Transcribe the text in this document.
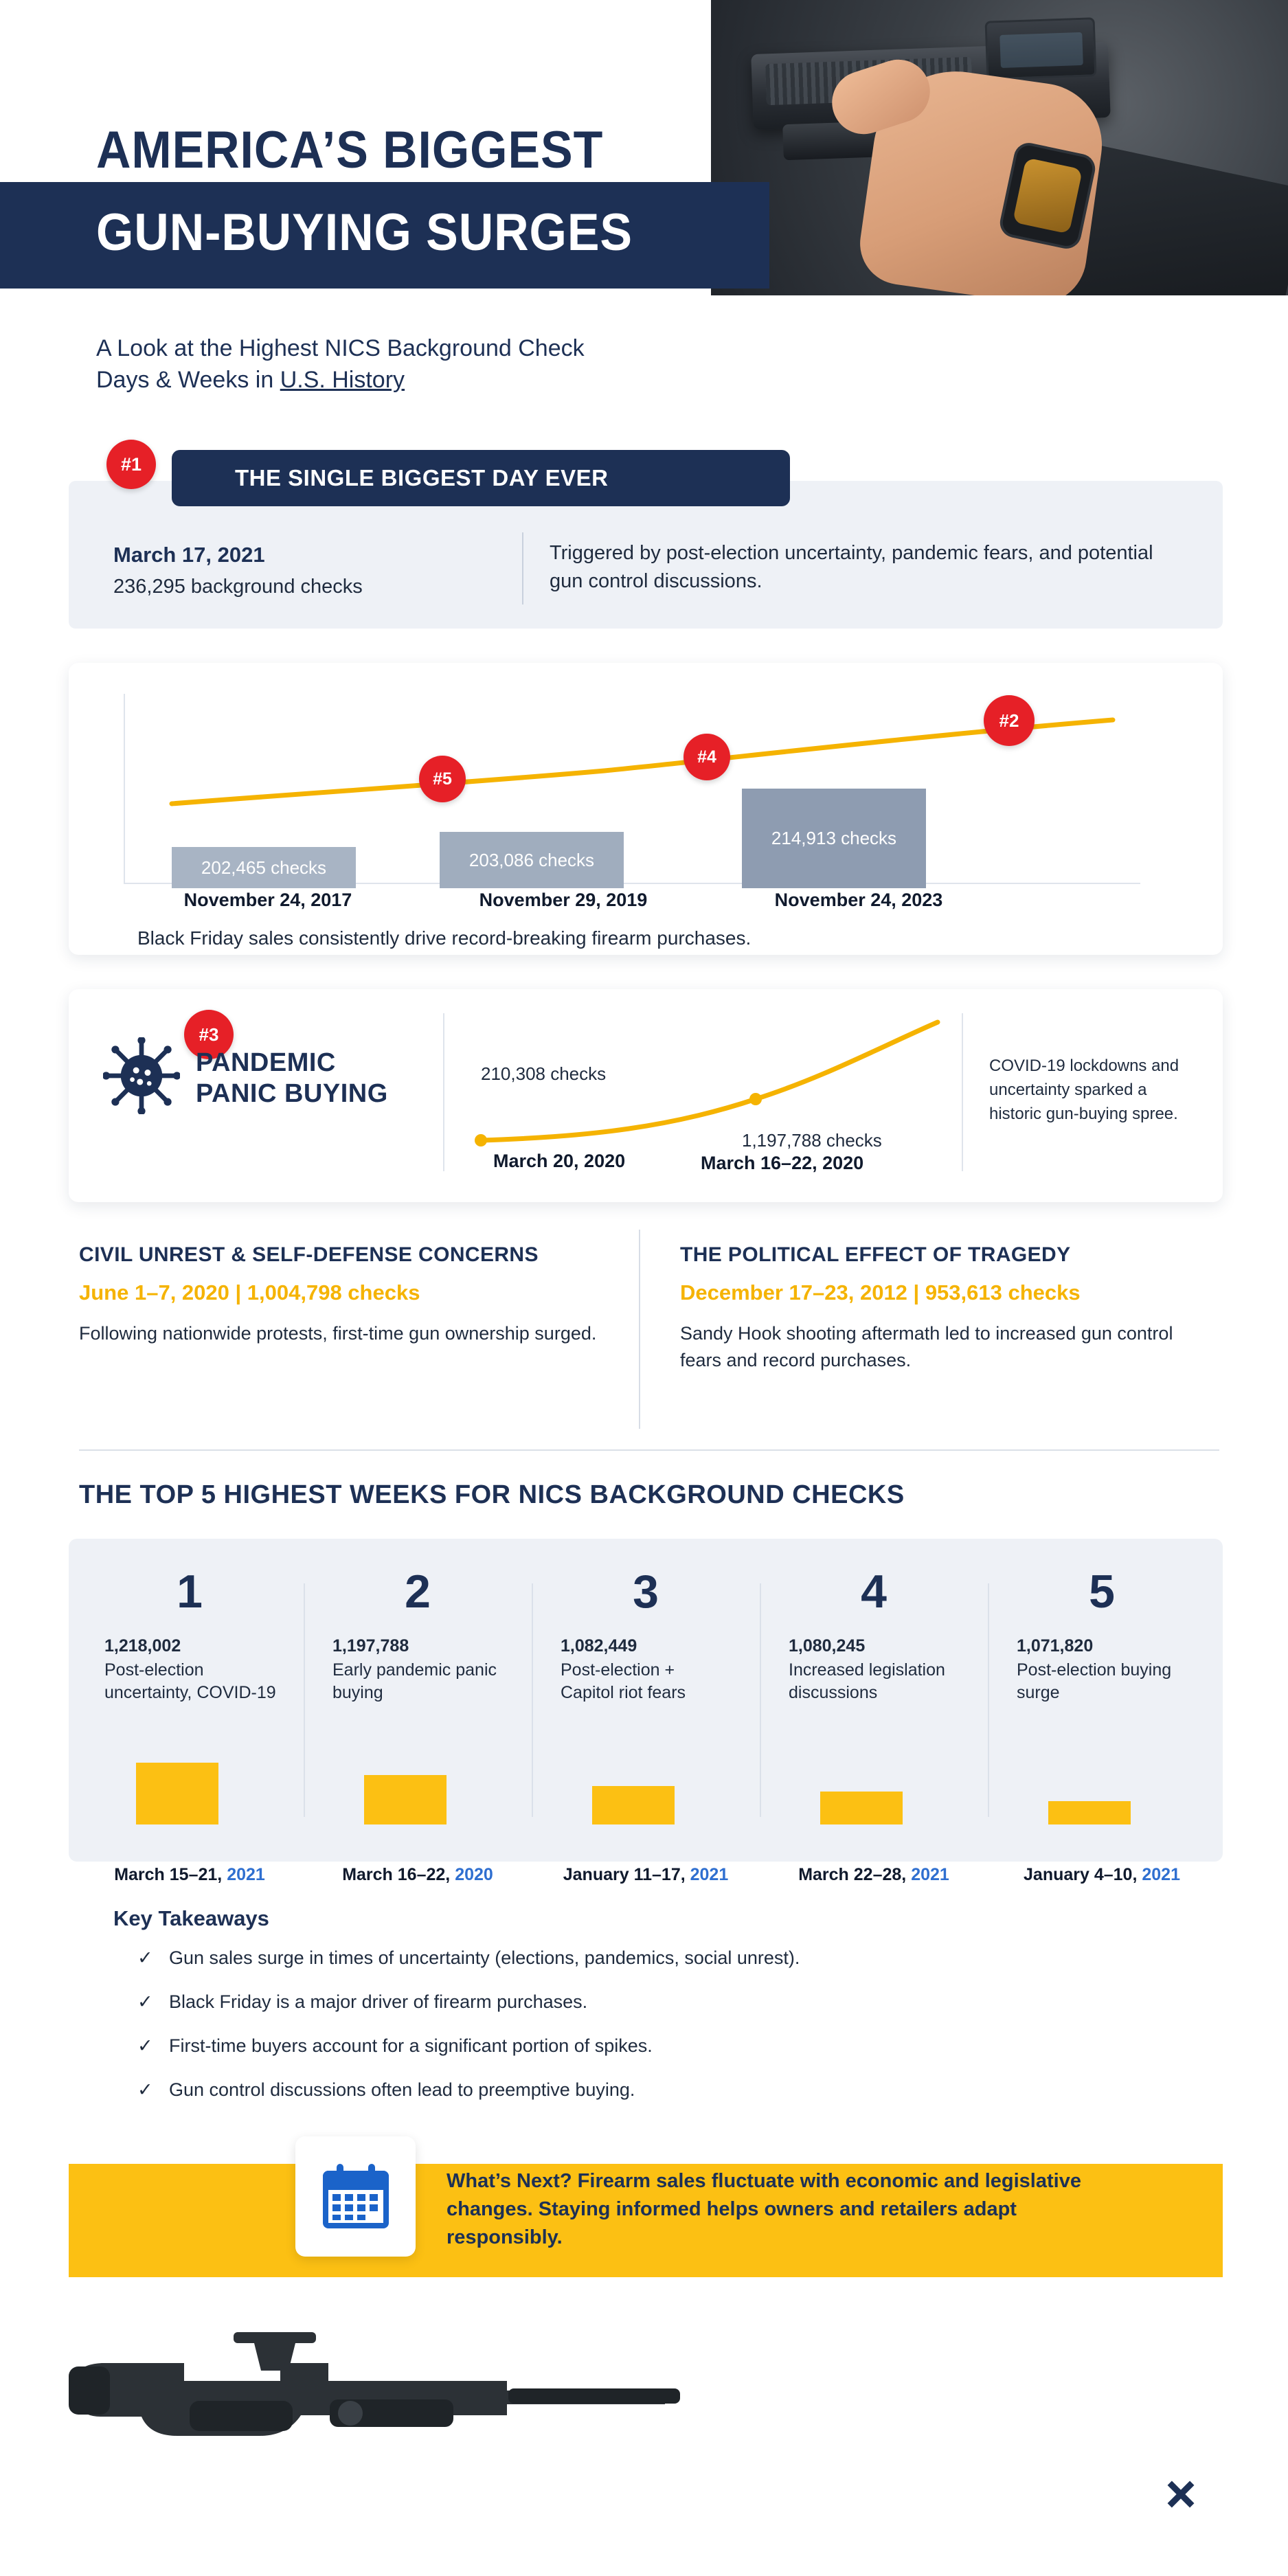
AMERICA’S BIGGEST
GUN-BUYING SURGES
A Look at the Highest NICS Background Check
Days & Weeks in U.S. History
THE SINGLE BIGGEST DAY EVER
#1
March 17, 2021
236,295 background checks
Triggered by post-election uncertainty, pandemic fears, and potential gun control discussions.
202,465 checks	203,086 checks
214,913 checks
#5
#4
#2
November 24, 2017	November 29, 2019	November 24, 2023
Black Friday sales consistently drive record-breaking firearm purchases.
#3
PANDEMIC
PANIC BUYING
210,308 checks
1,197,788 checks
March 20, 2020	March 16–22, 2020
COVID-19 lockdowns and uncertainty sparked a historic gun-buying spree.
CIVIL UNREST & SELF-DEFENSE CONCERNS
June 1–7, 2020 | 1,004,798 checks

Following nationwide protests, first-time gun ownership surged.

THE POLITICAL EFFECT OF TRAGEDY
December 17–23, 2012 | 953,613 checks

Sandy Hook shooting aftermath led to increased gun control fears and record purchases.

THE TOP 5 HIGHEST WEEKS FOR NICS BACKGROUND CHECKS
1
1,218,002
Post-election uncertainty, COVID-19
2
1,197,788
Early pandemic panic buying
3
1,082,449
Post-election + Capitol riot fears
4
1,080,245
Increased legislation discussions
5
1,071,820
Post-election buying surge
March 15–21, 2021	March 16–22, 2020	January 11–17, 2021	March 22–28, 2021	January 4–10, 2021
Key Takeaways
✓ Gun sales surge in times of uncertainty (elections, pandemics, social unrest).
✓ Black Friday is a major driver of firearm purchases.
✓ First-time buyers account for a significant portion of spikes.
✓ Gun control discussions often lead to preemptive buying.
What’s Next? Firearm sales fluctuate with economic and legislative changes. Staying informed helps owners and retailers adapt responsibly.
GUNPRIME
